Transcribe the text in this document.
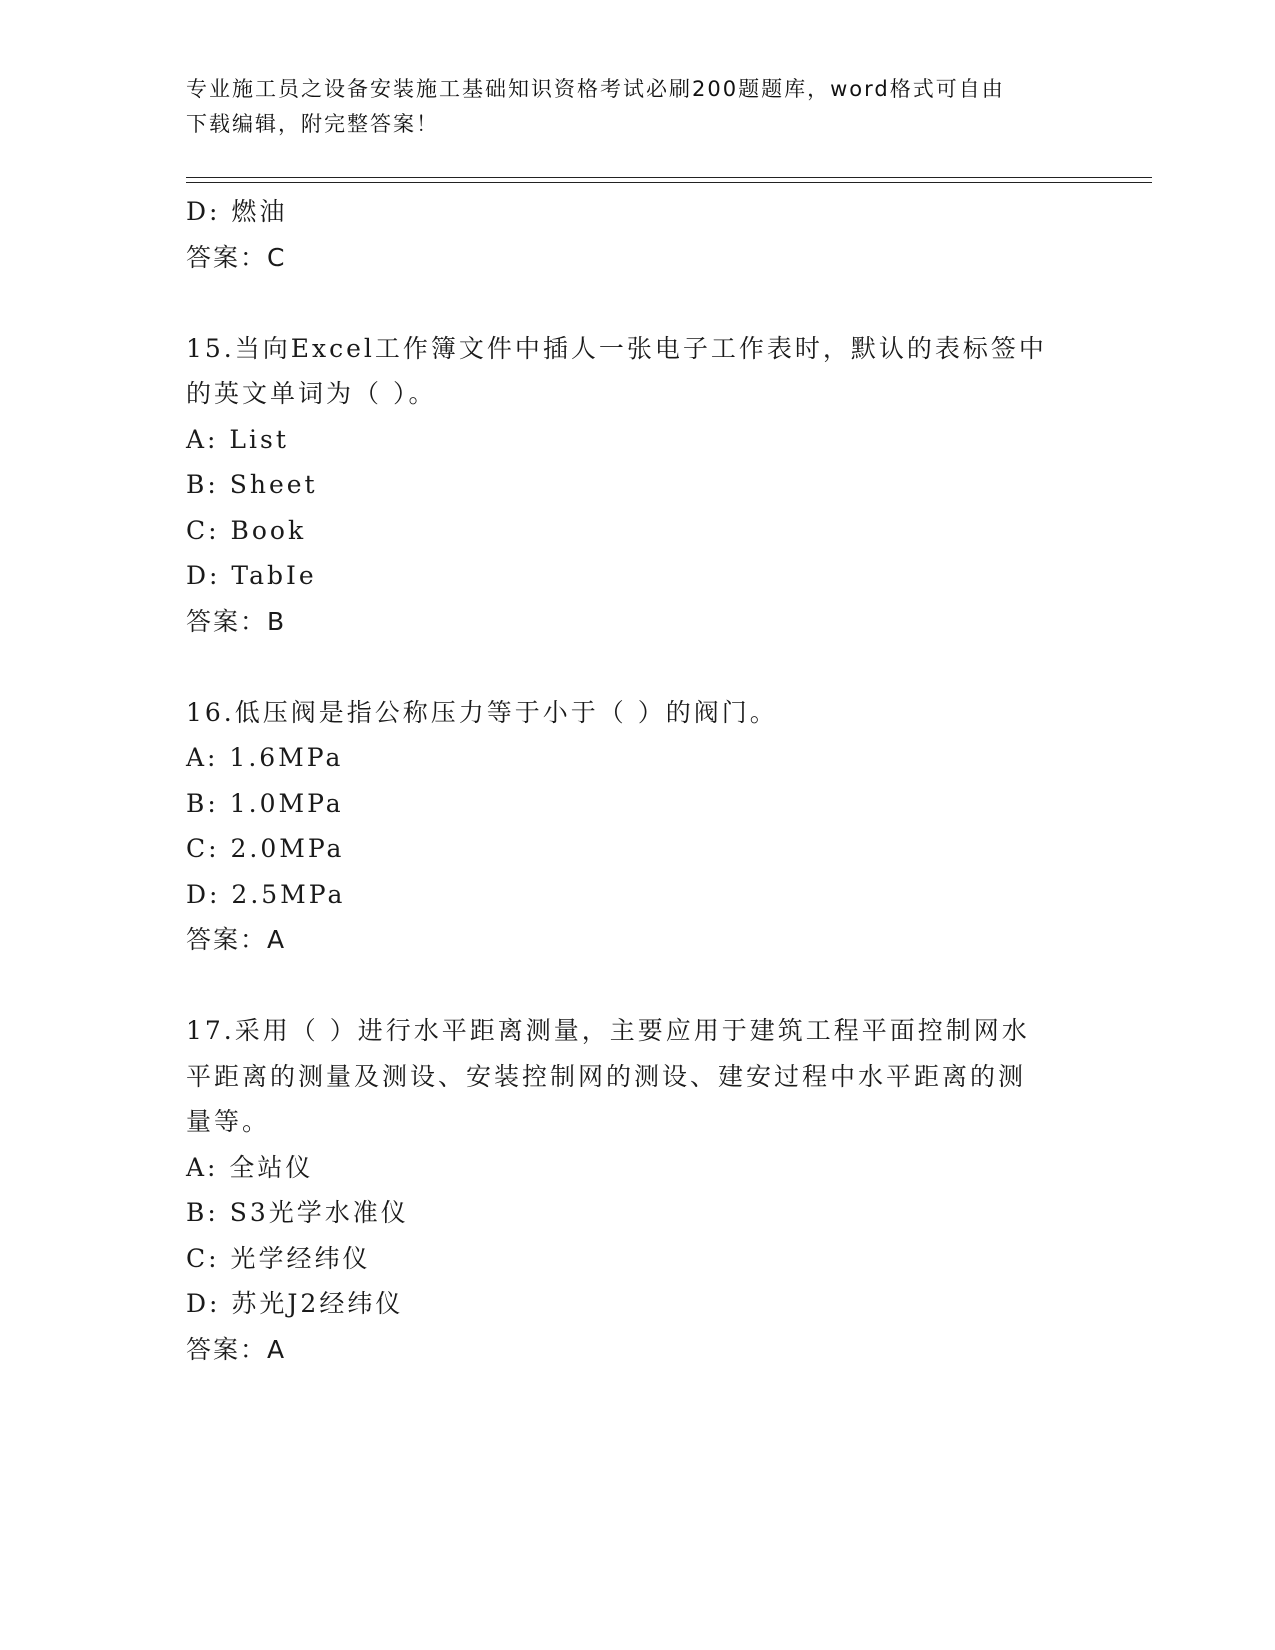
专业施工员之设备安装施工基础知识资格考试必刷200题题库，word格式可自由
下载编辑，附完整答案！
D: 燃油
答案：C
15.当向Excel工作簿文件中插人一张电子工作表时，默认的表标签中
的英文单词为（ ）。
A: List
B: Sheet
C: Book
D: TabIe
答案：B
16.低压阀是指公称压力等于小于（ ）的阀门。
A: 1.6MPa
B: 1.0MPa
C: 2.0MPa
D: 2.5MPa
答案：A
17.采用（ ）进行水平距离测量，主要应用于建筑工程平面控制网水
平距离的测量及测设、安装控制网的测设、建安过程中水平距离的测
量等。
A: 全站仪
B: S3光学水准仪
C: 光学经纬仪
D: 苏光J2经纬仪
答案：A
